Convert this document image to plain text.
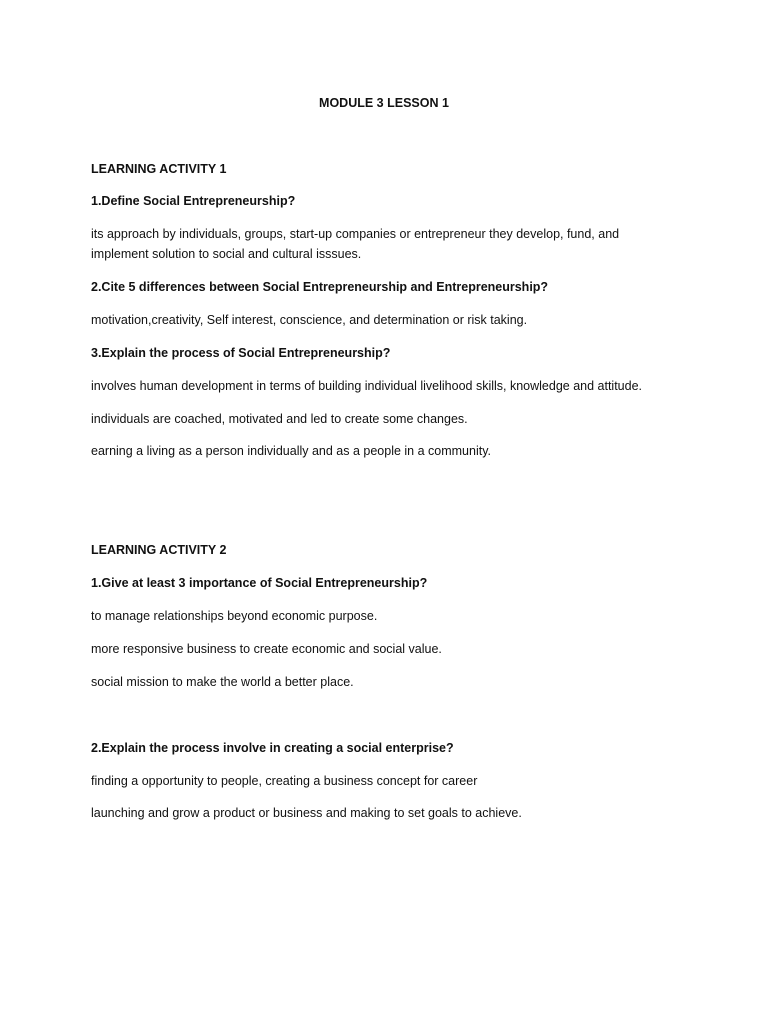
MODULE 3 LESSON 1
LEARNING ACTIVITY 1
1.Define Social Entrepreneurship?
its approach by individuals, groups, start-up companies or entrepreneur they develop, fund, and
implement solution to social and cultural isssues.
2.Cite 5 differences between Social Entrepreneurship and Entrepreneurship?
motivation,creativity, Self interest, conscience, and determination or risk taking.
3.Explain the process of Social Entrepreneurship?
involves human development in terms of building individual livelihood skills, knowledge and attitude.
individuals are coached, motivated and led to create some changes.
earning a living as a person individually and as a people in a community.
LEARNING ACTIVITY 2
1.Give at least 3 importance of Social Entrepreneurship?
to manage relationships beyond economic purpose.
more responsive business to create economic and social value.
social mission to make the world a better place.
2.Explain the process involve in creating a social enterprise?
finding a opportunity to people, creating a business concept for career
launching and grow a product or business and making to set goals to achieve.
